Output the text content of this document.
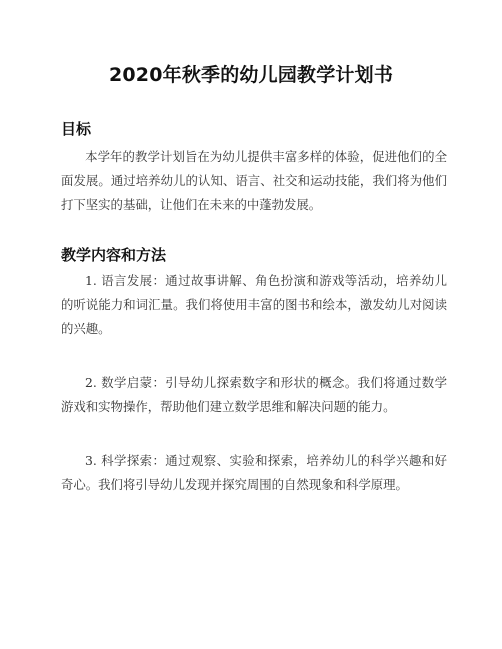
2020年秋季的幼儿园教学计划书
目标

本学年的教学计划旨在为幼儿提供丰富多样的体验，促进他们的全面发展。通过培养幼儿的认知、语言、社交和运动技能，我们将为他们打下坚实的基础，让他们在未来的中蓬勃发展。

教学内容和方法

1. 语言发展：通过故事讲解、角色扮演和游戏等活动，培养幼儿的听说能力和词汇量。我们将使用丰富的图书和绘本，激发幼儿对阅读的兴趣。

2. 数学启蒙：引导幼儿探索数字和形状的概念。我们将通过数学游戏和实物操作，帮助他们建立数学思维和解决问题的能力。

3. 科学探索：通过观察、实验和探索，培养幼儿的科学兴趣和好奇心。我们将引导幼儿发现并探究周围的自然现象和科学原理。
